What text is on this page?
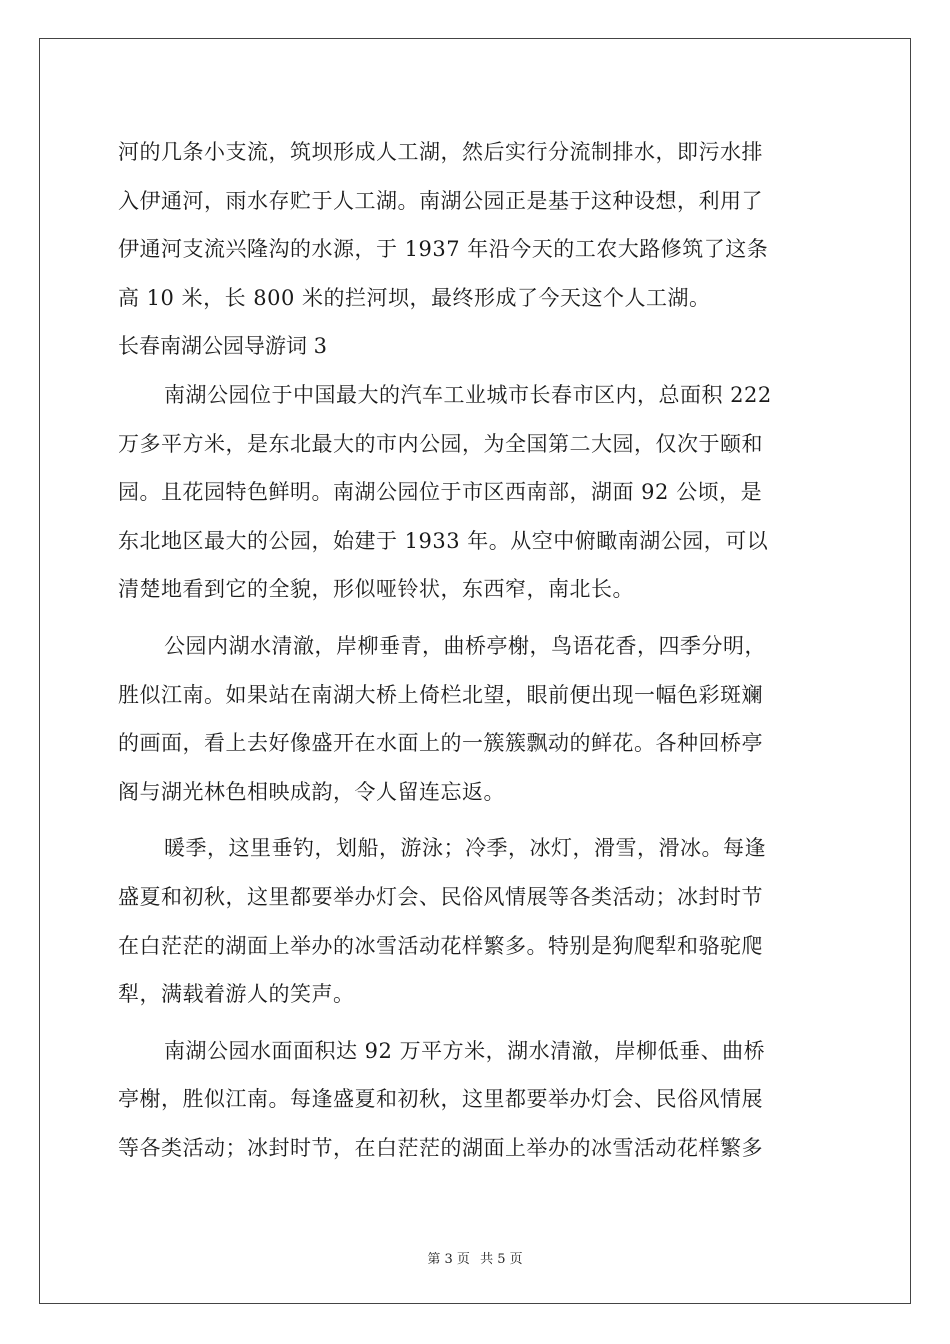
河的几条小支流，筑坝形成人工湖，然后实行分流制排水，即污水排
入伊通河，雨水存贮于人工湖。南湖公园正是基于这种设想，利用了
伊通河支流兴隆沟的水源，于 1937 年沿今天的工农大路修筑了这条
高 10 米，长 800 米的拦河坝，最终形成了今天这个人工湖。
长春南湖公园导游词 3
南湖公园位于中国最大的汽车工业城市长春市区内，总面积 222
万多平方米，是东北最大的市内公园，为全国第二大园，仅次于颐和
园。且花园特色鲜明。南湖公园位于市区西南部，湖面 92 公顷，是
东北地区最大的公园，始建于 1933 年。从空中俯瞰南湖公园，可以
清楚地看到它的全貌，形似哑铃状，东西窄，南北长。
公园内湖水清澈，岸柳垂青，曲桥亭榭，鸟语花香，四季分明，
胜似江南。如果站在南湖大桥上倚栏北望，眼前便出现一幅色彩斑斓
的画面，看上去好像盛开在水面上的一簇簇飘动的鲜花。各种回桥亭
阁与湖光林色相映成韵，令人留连忘返。
暖季，这里垂钓，划船，游泳；冷季，冰灯，滑雪，滑冰。每逢
盛夏和初秋，这里都要举办灯会、民俗风情展等各类活动；冰封时节
在白茫茫的湖面上举办的冰雪活动花样繁多。特别是狗爬犁和骆驼爬
犁，满载着游人的笑声。
南湖公园水面面积达 92 万平方米，湖水清澈，岸柳低垂、曲桥
亭榭，胜似江南。每逢盛夏和初秋，这里都要举办灯会、民俗风情展
等各类活动；冰封时节，在白茫茫的湖面上举办的冰雪活动花样繁多
第 3 页 共 5 页
